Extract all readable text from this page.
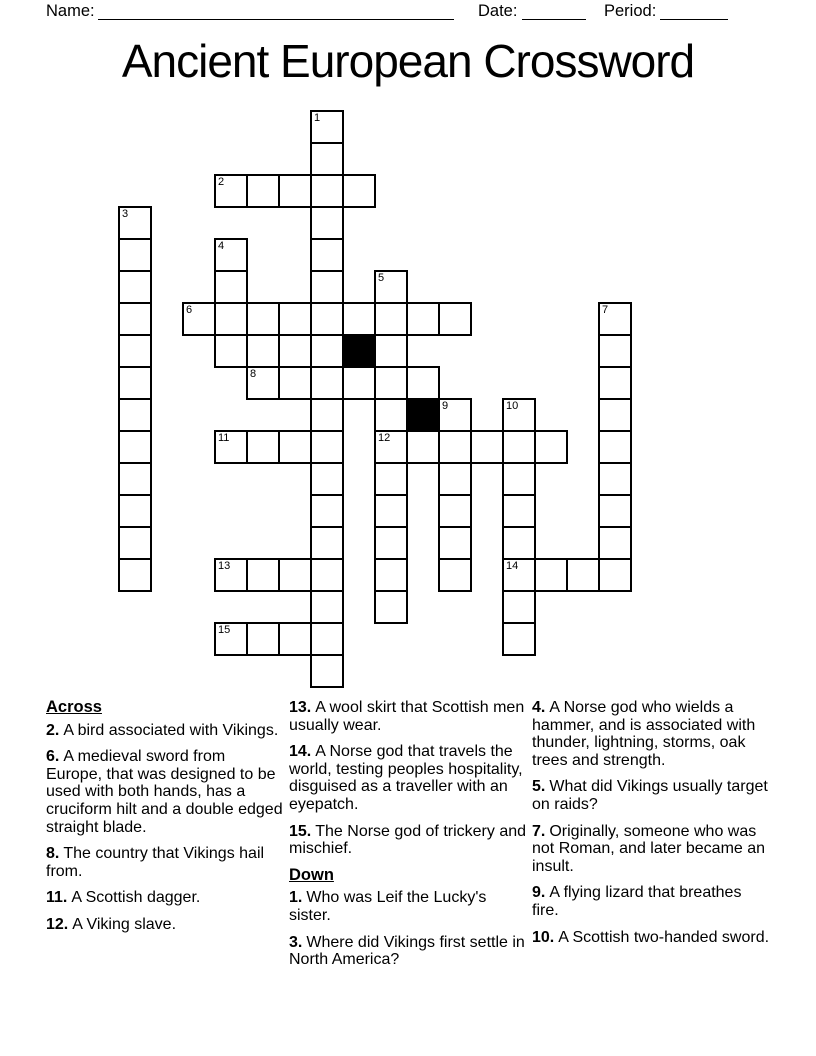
Name:	Date:	Period:
Ancient European Crossword
1
2
3
4
5
6	7
8
9	10
11	12
13	14
15
Across
2. A bird associated with Vikings.
6. A medieval sword from Europe, that was designed to be used with both hands, has a cruciform hilt and a double edged straight blade.
8. The country that Vikings hail from.
11. A Scottish dagger.
12. A Viking slave.
13. A wool skirt that Scottish men usually wear.
14. A Norse god that travels the world, testing peoples hospitality, disguised as a traveller with an eyepatch.
15. The Norse god of trickery and mischief.
Down
1. Who was Leif the Lucky's sister.
3. Where did Vikings first settle in North America?
4. A Norse god who wields a hammer, and is associated with thunder, lightning, storms, oak trees and strength.
5. What did Vikings usually target on raids?
7. Originally, someone who was not Roman, and later became an insult.
9. A flying lizard that breathes fire.
10. A Scottish two-handed sword.
